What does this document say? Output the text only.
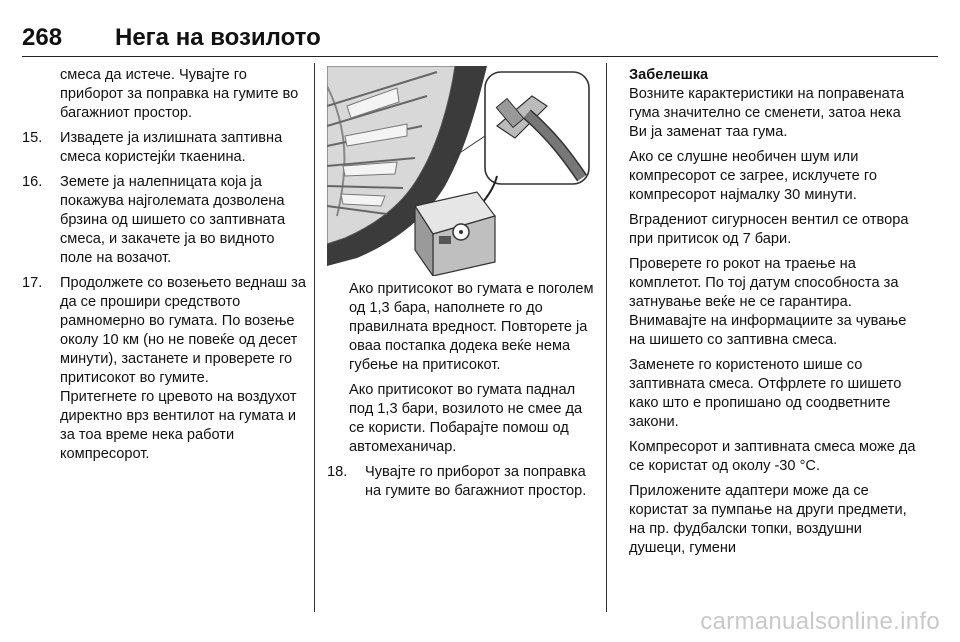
268 Нега на возилото
смеса да истече. Чувајте го приборот за поправка на гумите во багажниот простор.
15.	Извадете ја излишната заптивна смеса користејќи ткаенина.
16.	Земете ја налепницата која ја покажува најголемата дозволена брзина од шишето со заптивната смеса, и закачете ја во видното поле на возачот.
17.	Продолжете со возењето веднаш за да се прошири средството рамномерно во гумата. По возење околу 10 км (но не повеќе од десет минути), застанете и проверете го притисокот во гумите.
Притегнете го цревото на воздухот директно врз вентилот на гумата и за тоа време нека работи компресорот.
Ако притисокот во гумата е поголем од 1,3 бара, наполнете го до правилната вредност. Повторете ја оваа постапка додека веќе нема губење на притисокот.
Ако притисокот во гумата паднал под 1,3 бари, возилото не смее да се користи. Побарајте помош од автомеханичар.
18.	Чувајте го приборот за поправка на гумите во багажниот простор.
Забелешка
Возните карактеристики на поправената гума значително се сменети, затоа нека Ви ја заменат таа гума.
Ако се слушне необичен шум или компресорот се загрее, исклучете го компресорот најмалку 30 минути.
Вградениот сигурносен вентил се отвора при притисок од 7 бари.
Проверете го рокот на траење на комплетот. По тој датум способноста за затнување веќе не се гарантира. Внимавајте на информациите за чување на шишето со заптивна смеса.
Заменете го користеното шише со заптивната смеса. Отфрлете го шишето како што е пропишано од соодветните закони.
Компресорот и заптивната смеса може да се користат од околу -30 °C.
Приложените адаптери може да се користат за пумпање на други предмети, на пр. фудбалски топки, воздушни душеци, гумени
carmanualsonline.info
